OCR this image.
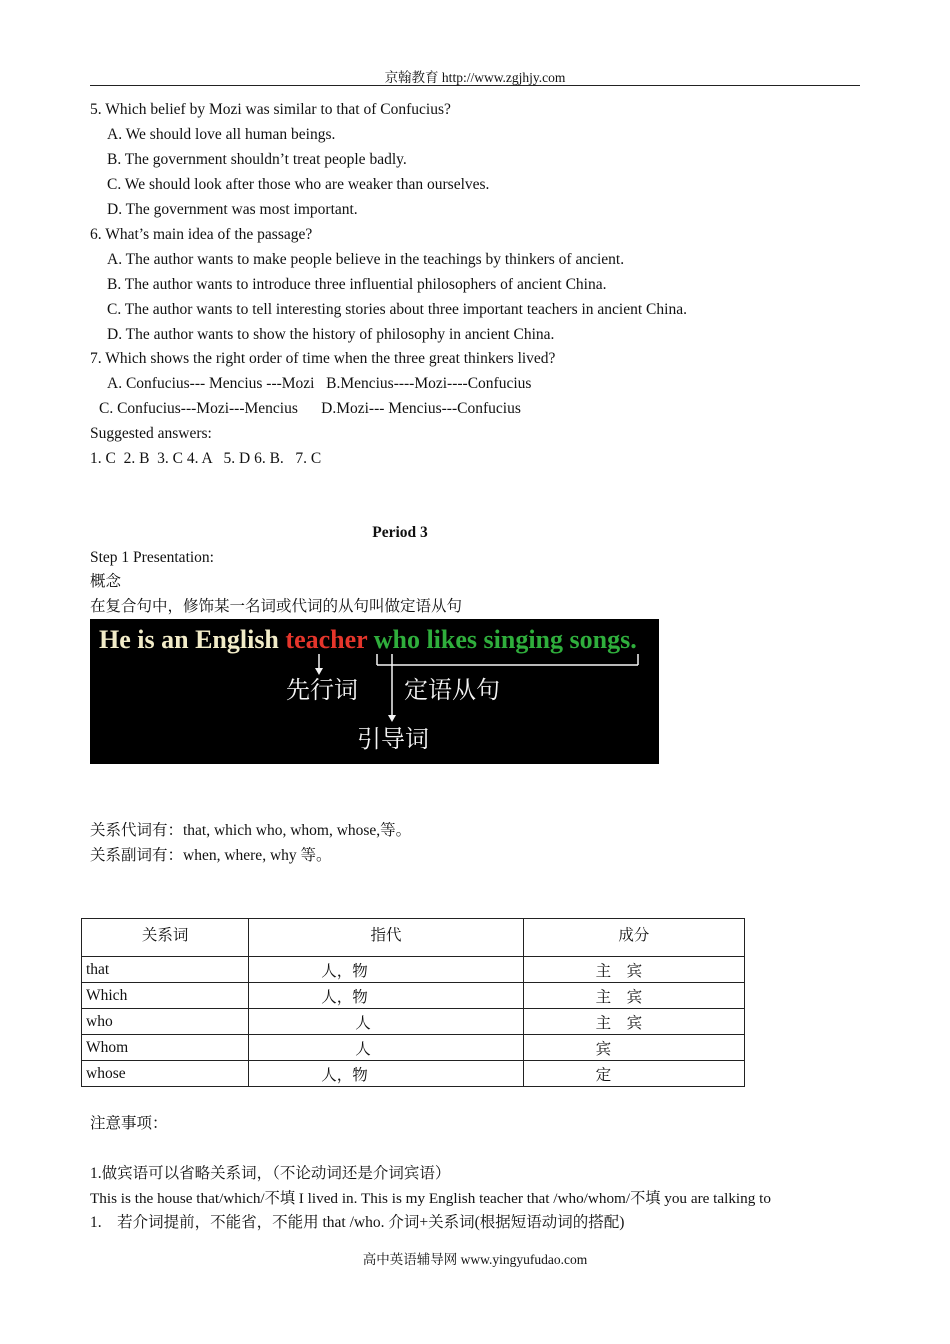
京翰教育 http://www.zgjhjy.com
5. Which belief by Mozi was similar to that of Confucius?
A. We should love all human beings.
B. The government shouldn’t treat people badly.
C. We should look after those who are weaker than ourselves.
D. The government was most important.
6. What’s main idea of the passage?
A. The author wants to make people believe in the teachings by thinkers of ancient.
B. The author wants to introduce three influential philosophers of ancient China.
C. The author wants to tell interesting stories about three important teachers in ancient China.
D. The author wants to show the history of philosophy in ancient China.
7. Which shows the right order of time when the three great thinkers lived?
A. Confucius--- Mencius ---Mozi   B.Mencius----Mozi----Confucius
C. Confucius---Mozi---Mencius      D.Mozi--- Mencius---Confucius
Suggested answers:
1. C  2. B  3. C 4. A   5. D 6. B.   7. C
Period 3
Step 1 Presentation:
概念
在复合句中，修饰某一名词或代词的从句叫做定语从句
He is an English teacher who likes singing songs.
先行词 定语从句
引导词
关系代词有：that, which who, whom, whose,等。
关系副词有：when, where, why 等。
关系词	指代	成分
that	人，物	主　宾
Which	人，物	主　宾
who	人	主　宾
Whom	人	宾
whose	人，物	定
注意事项：
1.做宾语可以省略关系词，（不论动词还是介词宾语）
This is the house that/which/不填 I lived in. This is my English teacher that /who/whom/不填 you are talking to
1.    若介词提前，不能省，不能用 that /who. 介词+关系词(根据短语动词的搭配)
高中英语辅导网 www.yingyufudao.com
